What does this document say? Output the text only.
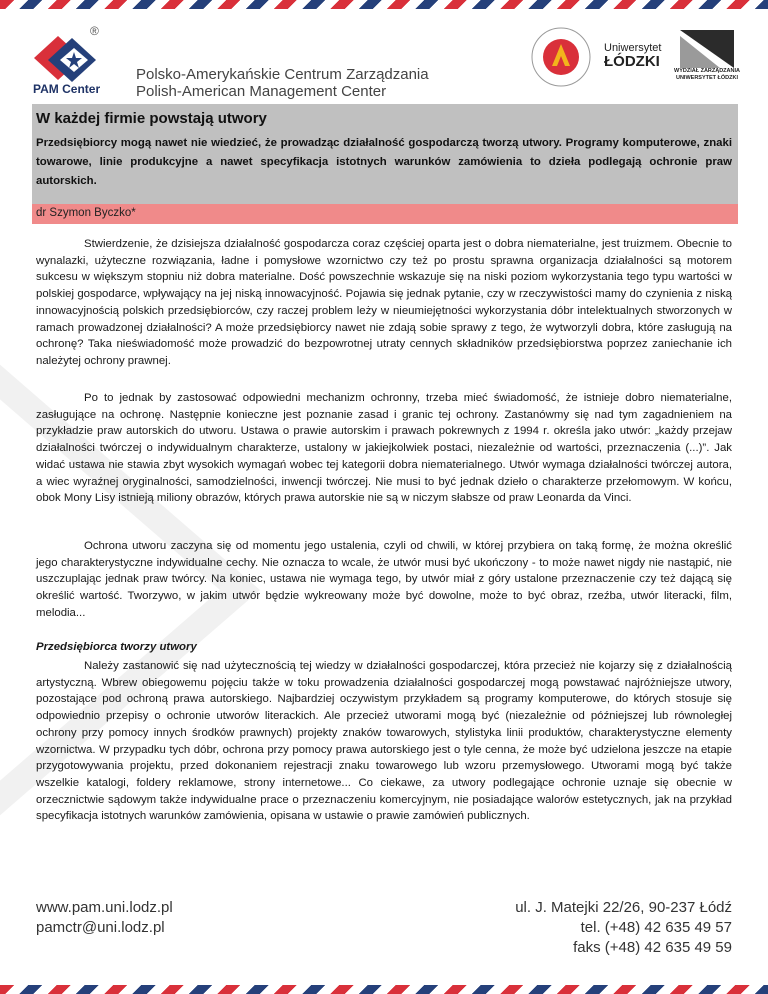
®
PAM Center
Polsko-Amerykańskie Centrum Zarządzania
Polish-American Management Center
Uniwersytet
ŁÓDZKI
WYDZIAŁ ZARZĄDZANIA
UNIWERSYTET ŁÓDZKI
W każdej firmie powstają utwory
Przedsiębiorcy mogą nawet nie wiedzieć, że prowadząc działalność gospodarczą tworzą utwory. Programy komputerowe, znaki towarowe, linie produkcyjne a nawet specyfikacja istotnych warunków zamówienia to dzieła podlegają ochronie praw autorskich.
dr Szymon Byczko*

Stwierdzenie, że dzisiejsza działalność gospodarcza coraz częściej oparta jest o dobra niematerialne, jest truizmem. Obecnie to wynalazki, użyteczne rozwiązania, ładne i pomysłowe wzornictwo czy też po prostu sprawna organizacja działalności są motorem sukcesu w większym stopniu niż dobra materialne. Dość powszechnie wskazuje się na niski poziom wykorzystania tego typu wartości w polskiej gospodarce, wpływający na jej niską innowacyjność. Pojawia się jednak pytanie, czy w rzeczywistości mamy do czynienia z niską innowacyjnością polskich przedsiębiorców, czy raczej problem leży w nieumiejętności wykorzystania dóbr intelektualnych stworzonych w ramach prowadzonej działalności? A może przedsiębiorcy nawet nie zdają sobie sprawy z tego, że wytworzyli dobra, które zasługują na ochronę? Taka nieświadomość może prowadzić do bezpowrotnej utraty cennych składników przedsiębiorstwa poprzez zaniechanie ich należytej ochrony prawnej.

Po to jednak by zastosować odpowiedni mechanizm ochronny, trzeba mieć świadomość, że istnieje dobro niematerialne, zasługujące na ochronę. Następnie konieczne jest poznanie zasad i granic tej ochrony. Zastanówmy się nad tym zagadnieniem na przykładzie praw autorskich do utworu. Ustawa o prawie autorskim i prawach pokrewnych z 1994 r. określa jako utwór: „każdy przejaw działalności twórczej o indywidualnym charakterze, ustalony w jakiejkolwiek postaci, niezależnie od wartości, przeznaczenia (...)”. Jak widać ustawa nie stawia zbyt wysokich wymagań wobec tej kategorii dobra niematerialnego. Utwór wymaga działalności twórczej autora, a wiec wyraźnej oryginalności, samodzielności, inwencji twórczej. Nie musi to być jednak dzieło o charakterze przełomowym. W końcu, obok Mony Lisy istnieją miliony obrazów, których prawa autorskie nie są w niczym słabsze od praw Leonarda da Vinci.

Ochrona utworu zaczyna się od momentu jego ustalenia, czyli od chwili, w której przybiera on taką formę, że można określić jego charakterystyczne indywidualne cechy. Nie oznacza to wcale, że utwór musi być ukończony - to może nawet nigdy nie nastąpić, nie uszczuplając jednak praw twórcy. Na koniec, ustawa nie wymaga tego, by utwór miał z góry ustalone przeznaczenie czy też dającą się określić wartość. Tworzywo, w jakim utwór będzie wykreowany może być dowolne, może to być obraz, rzeźba, utwór literacki, film, melodia...

Przedsiębiorca tworzy utwory

Należy zastanowić się nad użytecznością tej wiedzy w działalności gospodarczej, która przecież nie kojarzy się z działalnością artystyczną. Wbrew obiegowemu pojęciu także w toku prowadzenia działalności gospodarczej mogą powstawać najróżniejsze utwory, pozostające pod ochroną prawa autorskiego. Najbardziej oczywistym przykładem są programy komputerowe, do których stosuje się odpowiednio przepisy o ochronie utworów literackich. Ale przecież utworami mogą być (niezależnie od późniejszej lub równoległej ochrony przy pomocy innych środków prawnych) projekty znaków towarowych, stylistyka linii produktów, charakterystyczne elementy wzornictwa. W przypadku tych dóbr, ochrona przy pomocy prawa autorskiego jest o tyle cenna, że może być udzielona jeszcze na etapie przygotowywania projektu, przed dokonaniem rejestracji znaku towarowego lub wzoru przemysłowego. Utworami mogą być także wszelkie katalogi, foldery reklamowe, strony internetowe... Co ciekawe, za utwory podlegające ochronie uznaje się obecnie w orzecznictwie sądowym także indywidualne prace o przeznaczeniu komercyjnym, nie posiadające walorów estetycznych, jak na przykład specyfikacja istotnych warunków zamówienia, opisana w ustawie o prawie zamówień publicznych.

www.pam.uni.lodz.pl
pamctr@uni.lodz.pl
ul. J. Matejki 22/26, 90-237 Łódź
tel. (+48) 42 635 49 57
faks (+48) 42 635 49 59
